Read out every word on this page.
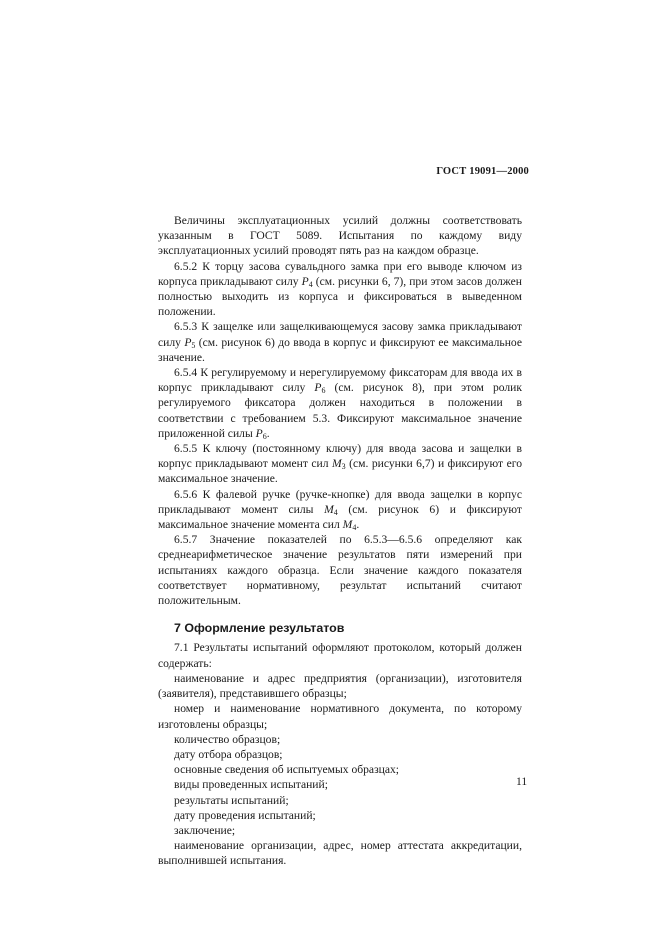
ГОСТ 19091—2000

Величины эксплуатационных усилий должны соответствовать указанным в ГОСТ 5089. Испытания по каждому виду эксплуатационных усилий проводят пять раз на каждом образце.

6.5.2 К торцу засова сувальдного замка при его выводе ключом из корпуса прикладывают силу $P_4$ (см. рисунки 6, 7), при этом засов должен полностью выходить из корпуса и фиксироваться в выведенном положении.

6.5.3 К защелке или защелкивающемуся засову замка прикладывают силу $P_5$ (см. рисунок 6) до ввода в корпус и фиксируют ее максимальное значение.

6.5.4 К регулируемому и нерегулируемому фиксаторам для ввода их в корпус прикладывают силу $P_6$ (см. рисунок 8), при этом ролик регулируемого фиксатора должен находиться в положении в соответствии с требованием 5.3. Фиксируют максимальное значение приложенной силы $P_6$.

6.5.5 К ключу (постоянному ключу) для ввода засова и защелки в корпус прикладывают момент сил $M_3$ (см. рисунки 6,7) и фиксируют его максимальное значение.

6.5.6 К фалевой ручке (ручке-кнопке) для ввода защелки в корпус прикладывают момент силы $M_4$ (см. рисунок 6) и фиксируют максимальное значение момента сил $M_4$.

6.5.7 Значение показателей по 6.5.3—6.5.6 определяют как среднеарифметическое значение результатов пяти измерений при испытаниях каждого образца. Если значение каждого показателя соответствует нормативному, результат испытаний считают положительным.

7 Оформление результатов

7.1 Результаты испытаний оформляют протоколом, который должен содержать:

наименование и адрес предприятия (организации), изготовителя (заявителя), представившего образцы;

номер и наименование нормативного документа, по которому изготовлены образцы;

количество образцов;

дату отбора образцов;

основные сведения об испытуемых образцах;

виды проведенных испытаний;

результаты испытаний;

дату проведения испытаний;

заключение;

наименование организации, адрес, номер аттестата аккредитации, выполнившей испытания.

11
